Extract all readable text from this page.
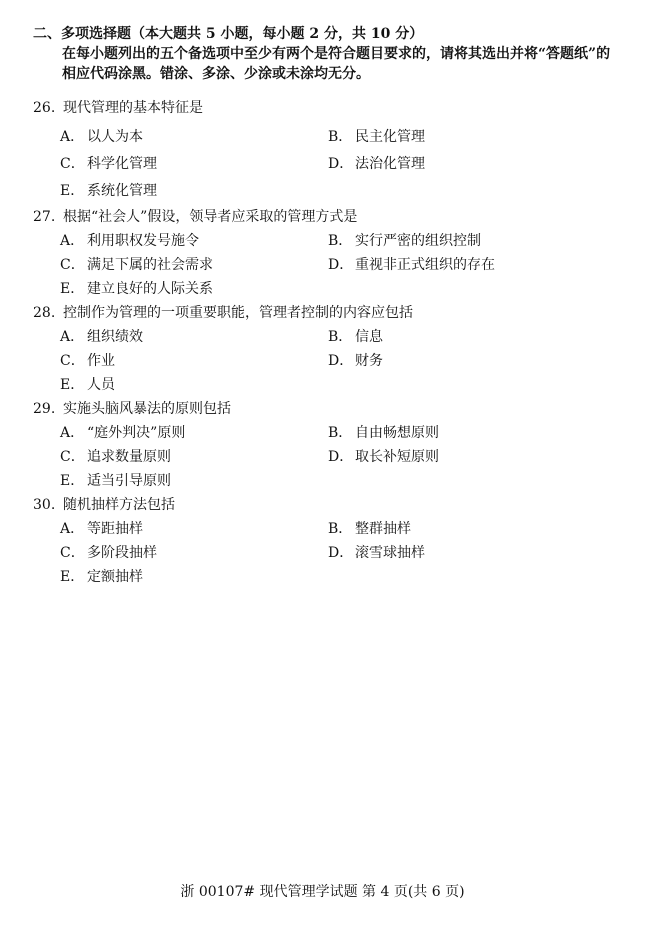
二、多项选择题（本大题共 5 小题，每小题 2 分，共 10 分）
在每小题列出的五个备选项中至少有两个是符合题目要求的，请将其选出并将“答题纸”的相应代码涂黑。错涂、多涂、少涂或未涂均无分。
26. 现代管理的基本特征是
A． 以人为本	B． 民主化管理
C． 科学化管理	D． 法治化管理
E． 系统化管理
27. 根据“社会人”假设，领导者应采取的管理方式是
A． 利用职权发号施令	B． 实行严密的组织控制
C． 满足下属的社会需求	D． 重视非正式组织的存在
E． 建立良好的人际关系
28. 控制作为管理的一项重要职能，管理者控制的内容应包括
A． 组织绩效	B． 信息
C． 作业	D． 财务
E． 人员
29. 实施头脑风暴法的原则包括
A． “庭外判决”原则	B． 自由畅想原则
C． 追求数量原则	D． 取长补短原则
E． 适当引导原则
30. 随机抽样方法包括
A． 等距抽样	B． 整群抽样
C． 多阶段抽样	D． 滚雪球抽样
E． 定额抽样
浙 00107# 现代管理学试题 第 4 页(共 6 页)
